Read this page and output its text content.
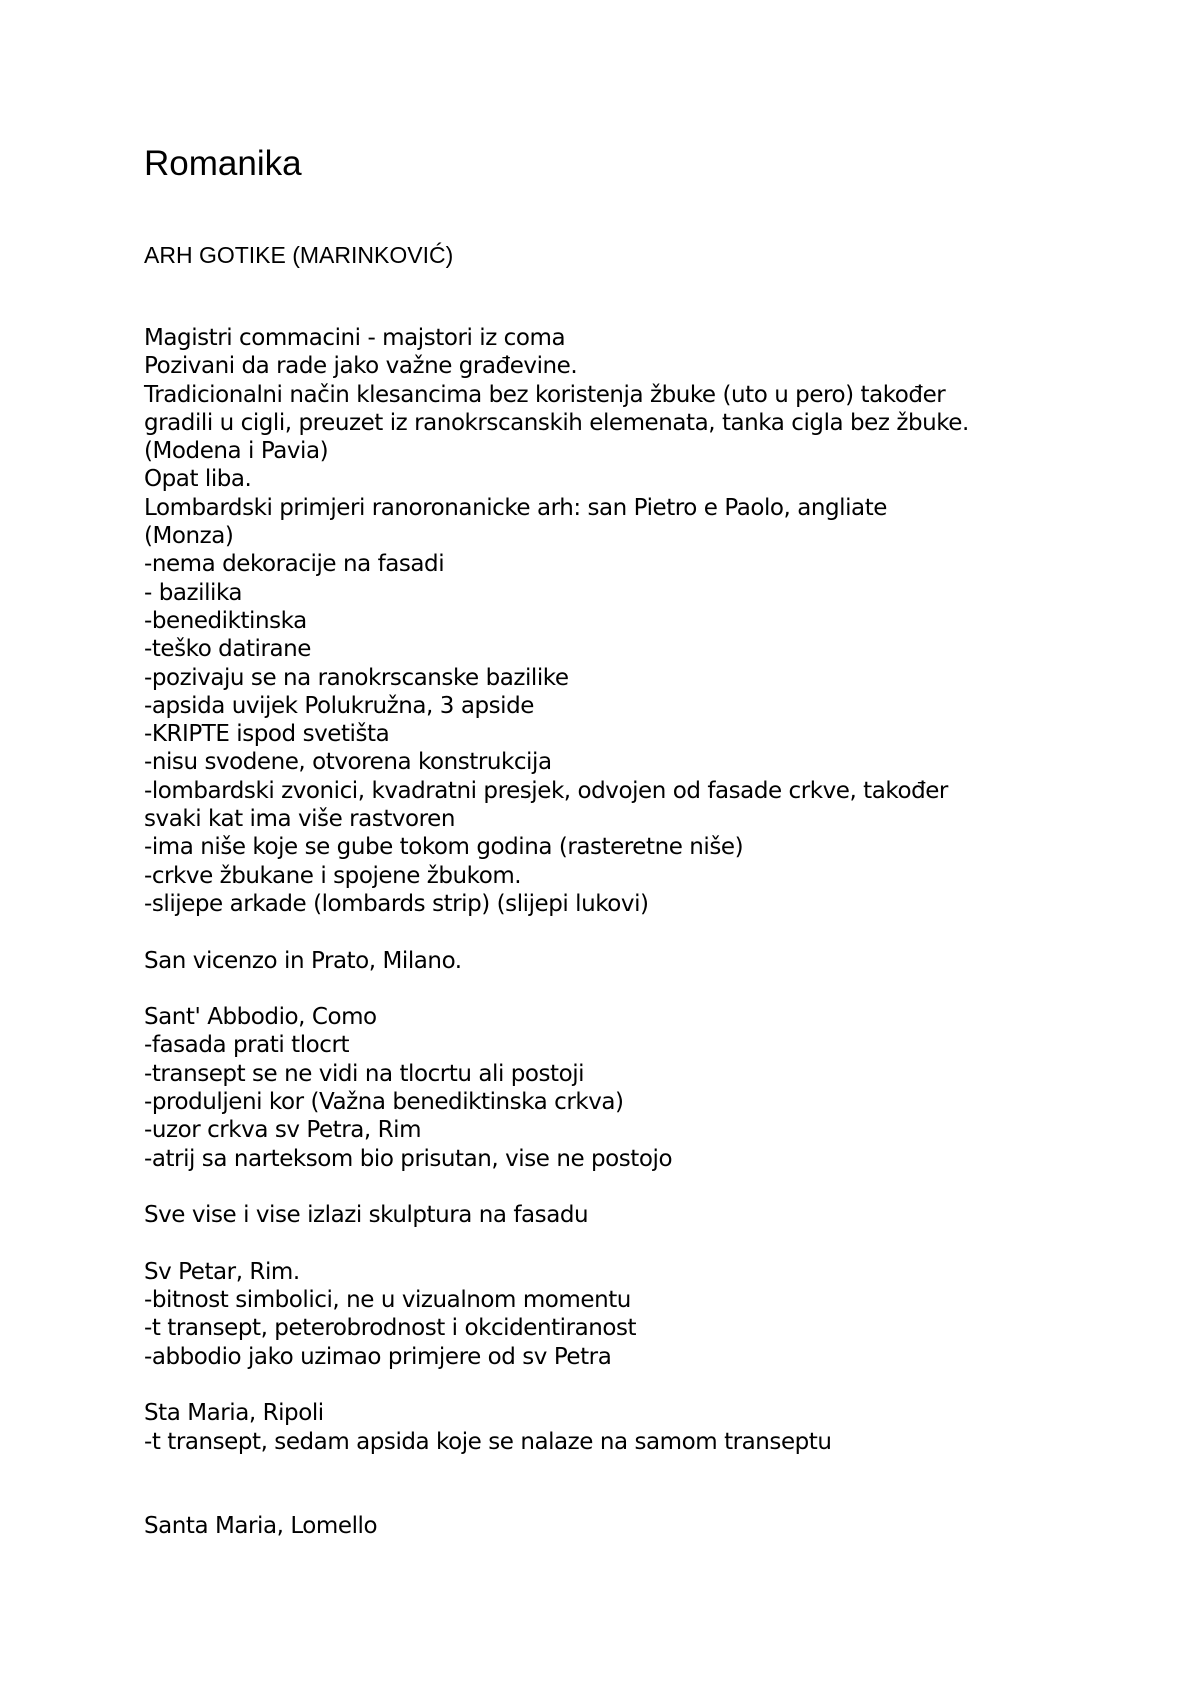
Romanika

ARH GOTIKE (MARINKOVIĆ)

Magistri commacini - majstori iz coma
Pozivani da rade jako važne građevine.
Tradicionalni način klesancima bez koristenja žbuke (uto u pero) također
gradili u cigli, preuzet iz ranokrscanskih elemenata, tanka cigla bez žbuke.
(Modena i Pavia)
Opat liba.
Lombardski primjeri ranoronanicke arh: san Pietro e Paolo, angliate
(Monza)
-nema dekoracije na fasadi
- bazilika
-benediktinska
-teško datirane
-pozivaju se na ranokrscanske bazilike
-apsida uvijek Polukružna, 3 apside
-KRIPTE ispod svetišta
-nisu svodene, otvorena konstrukcija
-lombardski zvonici, kvadratni presjek, odvojen od fasade crkve, također
svaki kat ima više rastvoren
-ima niše koje se gube tokom godina (rasteretne niše)
-crkve žbukane i spojene žbukom.
-slijepe arkade (lombards strip) (slijepi lukovi)
San vicenzo in Prato, Milano.
Sant' Abbodio, Como
-fasada prati tlocrt
-transept se ne vidi na tlocrtu ali postoji
-produljeni kor (Važna benediktinska crkva)
-uzor crkva sv Petra, Rim
-atrij sa narteksom bio prisutan, vise ne postojo
Sve vise i vise izlazi skulptura na fasadu
Sv Petar, Rim.
-bitnost simbolici, ne u vizualnom momentu
-t transept, peterobrodnost i okcidentiranost
-abbodio jako uzimao primjere od sv Petra
Sta Maria, Ripoli
-t transept, sedam apsida koje se nalaze na samom transeptu
Santa Maria, Lomello
